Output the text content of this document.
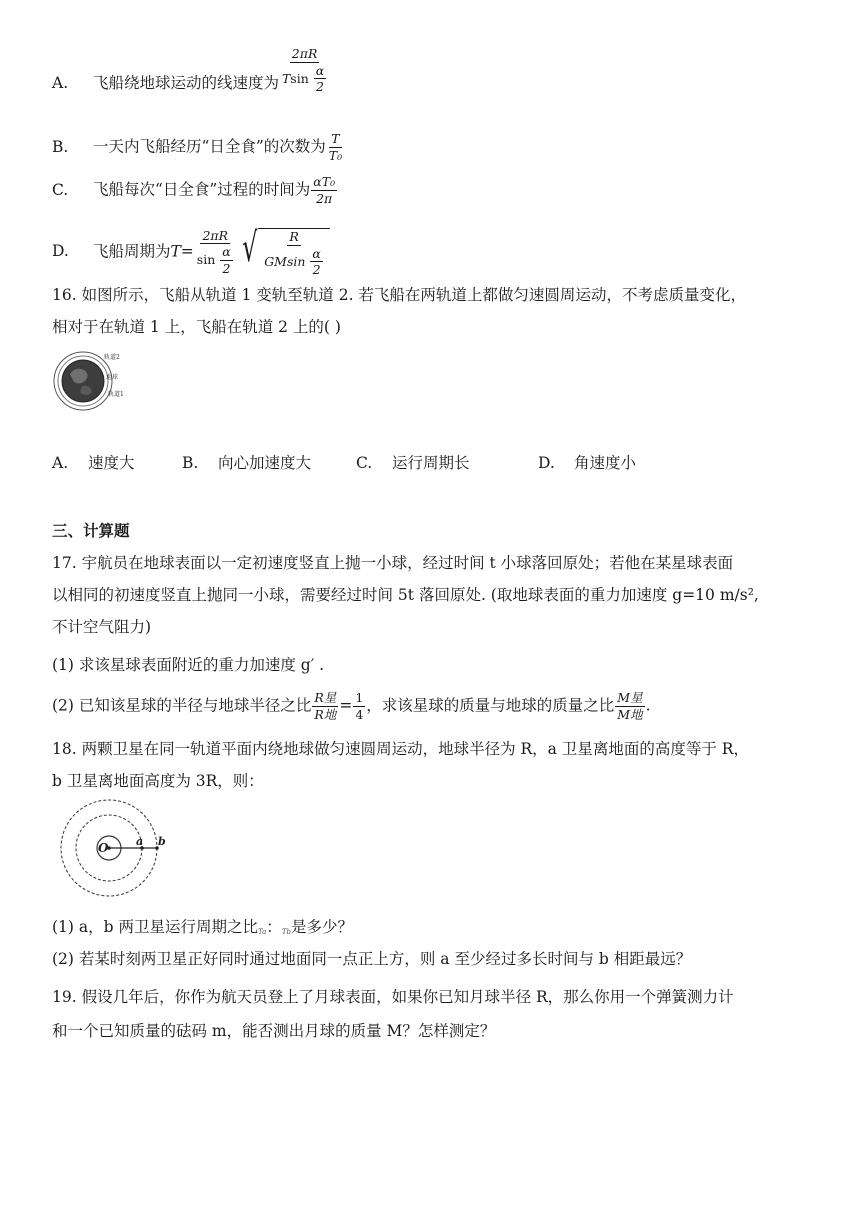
A. 飞船绕地球运动的线速度为 $\frac{2\pi R}{Tsin \frac{\alpha}{2}}$
B. 一天内飞船经历“日全食”的次数为 $\frac{T}{\text{T₀}}$
C. 飞船每次“日全食”过程的时间为 $\frac{\text{αT₀}}{2\pi}$
D. 飞船周期为$T= \frac{2\pi R}{\sin \frac{\alpha}{2}}$ √ $\frac{R}{GMsin \frac{\alpha}{2}}$
16. 如图所示，飞船从轨道 1 变轨至轨道 2. 若飞船在两轨道上都做匀速圆周运动，不考虑质量变化，
相对于在轨道 1 上，飞船在轨道 2 上的( )
轨道2
地球
轨道1
A. 速度大	B. 向心加速度大	C. 运行周期长	D. 角速度小
三、计算题
17. 宇航员在地球表面以一定初速度竖直上抛一小球，经过时间 t 小球落回原处；若他在某星球表面
以相同的初速度竖直上抛同一小球，需要经过时间 5t 落回原处. (取地球表面的重力加速度 g=10 m/s²,
不计空气阻力)
(1) 求该星球表面附近的重力加速度 g′ .
(2) 已知该星球的半径与地球半径之比 $\frac{\text{R星}}{\text{R地}} = \frac{1}{4}$ ，求该星球的质量与地球的质量之比 $\frac{\text{M星}}{\text{M地}}$ .
18. 两颗卫星在同一轨道平面内绕地球做匀速圆周运动，地球半径为 R，a 卫星离地面的高度等于 R，
b 卫星离地面高度为 3R，则：
O	a b
(1) a，b 两卫星运行周期之比Ta：Tb是多少？
(2) 若某时刻两卫星正好同时通过地面同一点正上方，则 a 至少经过多长时间与 b 相距最远？
19. 假设几年后，你作为航天员登上了月球表面，如果你已知月球半径 R，那么你用一个弹簧测力计
和一个已知质量的砝码 m，能否测出月球的质量 M？怎样测定？
